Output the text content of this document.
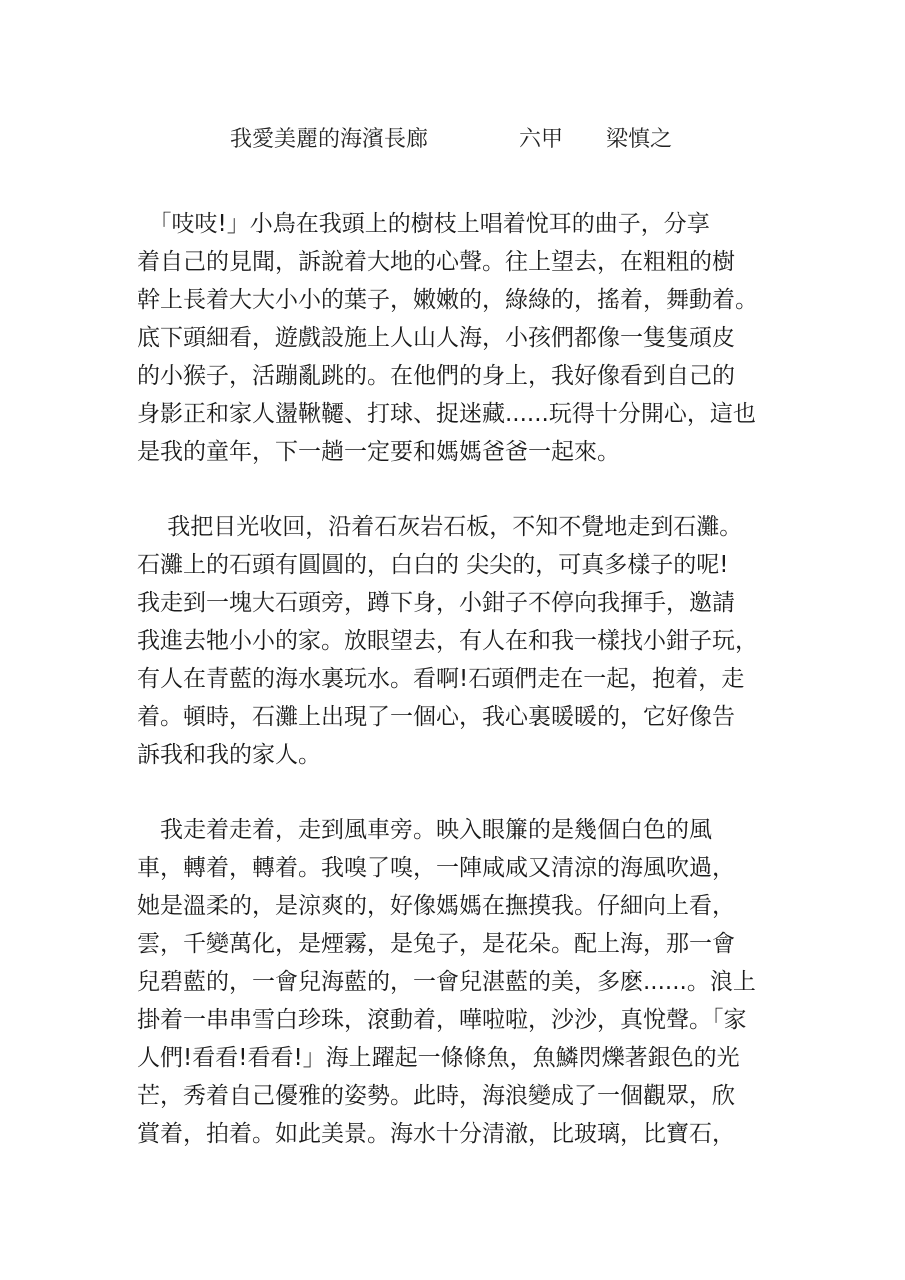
我愛美麗的海濱長廊	六甲 梁慎之
　「吱吱!」小鳥在我頭上的樹枝上唱着悅耳的曲子，分享
着自己的見聞，訴說着大地的心聲。往上望去，在粗粗的樹
幹上長着大大小小的葉子，嫩嫩的，綠綠的，搖着，舞動着。
底下頭細看，遊戲設施上人山人海，小孩們都像一隻隻頑皮
的小猴子，活蹦亂跳的。在他們的身上，我好像看到自己的
身影正和家人盪鞦韆、打球、捉迷藏......玩得十分開心，這也
是我的童年，下一趟一定要和媽媽爸爸一起來。
　 我把目光收回，沿着石灰岩石板，不知不覺地走到石灘。
石灘上的石頭有圓圓的，白白的 尖尖的，可真多樣子的呢!
我走到一塊大石頭旁，蹲下身，小鉗子不停向我揮手，邀請
我進去牠小小的家。放眼望去，有人在和我一樣找小鉗子玩，
有人在青藍的海水裏玩水。看啊!石頭們走在一起，抱着，走
着。頓時，石灘上出現了一個心，我心裏暖暖的，它好像告
訴我和我的家人。
　我走着走着，走到風車旁。映入眼簾的是幾個白色的風
車，轉着，轉着。我嗅了嗅，一陣咸咸又清涼的海風吹過，
她是溫柔的，是涼爽的，好像媽媽在撫摸我。仔細向上看，
雲，千變萬化，是煙霧，是兔子，是花朵。配上海，那一會
兒碧藍的，一會兒海藍的，一會兒湛藍的美，多麽......。浪上
掛着一串串雪白珍珠，滾動着，嘩啦啦，沙沙，真悅聲。「家
人們!看看!看看!」海上躍起一條條魚，魚鱗閃爍著銀色的光
芒，秀着自己優雅的姿勢。此時，海浪變成了一個觀眾，欣
賞着，拍着。如此美景。海水十分清澈，比玻璃，比寶石，
